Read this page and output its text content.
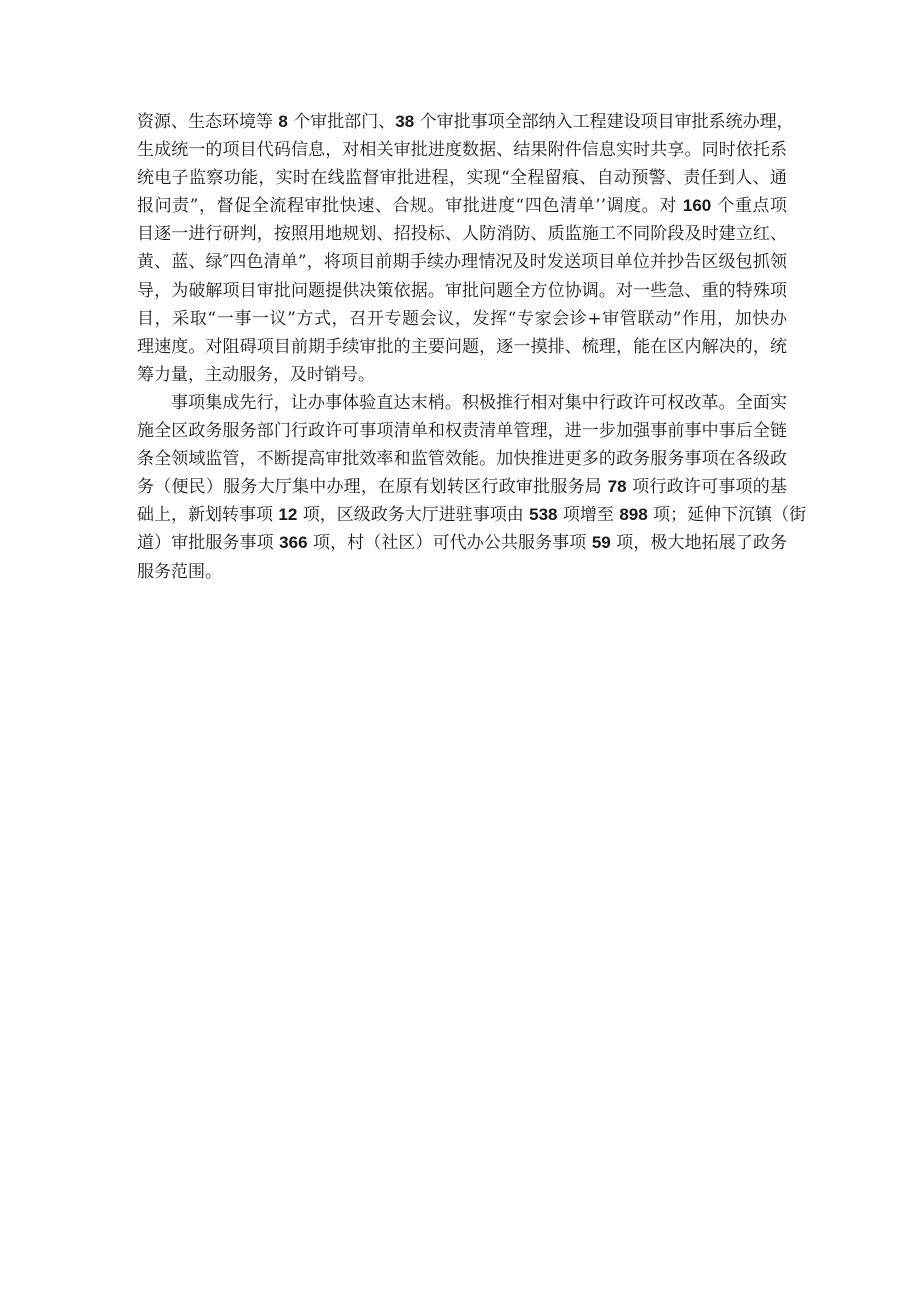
资源、生态环境等 8 个审批部门、38 个审批事项全部纳入工程建设项目审批系统办理，
生成统一的项目代码信息，对相关审批进度数据、结果附件信息实时共享。同时依托系
统电子监察功能，实时在线监督审批进程，实现“全程留痕、自动预警、责任到人、通
报问责”，督促全流程审批快速、合规。审批进度“四色清单’’调度。对 160 个重点项
目逐一进行研判，按照用地规划、招投标、人防消防、质监施工不同阶段及时建立红、
黄、蓝、绿″四色清单”，将项目前期手续办理情况及时发送项目单位并抄告区级包抓领
导，为破解项目审批问题提供决策依据。审批问题全方位协调。对一些急、重的特殊项
目，采取“一事一议”方式，召开专题会议，发挥“专家会诊+审管联动”作用，加快办
理速度。对阻碍项目前期手续审批的主要问题，逐一摸排、梳理，能在区内解决的，统
筹力量，主动服务，及时销号。
事项集成先行，让办事体验直达末梢。积极推行相对集中行政许可权改革。全面实
施全区政务服务部门行政许可事项清单和权责清单管理，进一步加强事前事中事后全链
条全领域监管，不断提高审批效率和监管效能。加快推进更多的政务服务事项在各级政
务（便民）服务大厅集中办理，在原有划转区行政审批服务局 78 项行政许可事项的基
础上，新划转事项 12 项，区级政务大厅进驻事项由 538 项增至 898 项；延伸下沉镇（街
道）审批服务事项 366 项，村（社区）可代办公共服务事项 59 项，极大地拓展了政务
服务范围。
